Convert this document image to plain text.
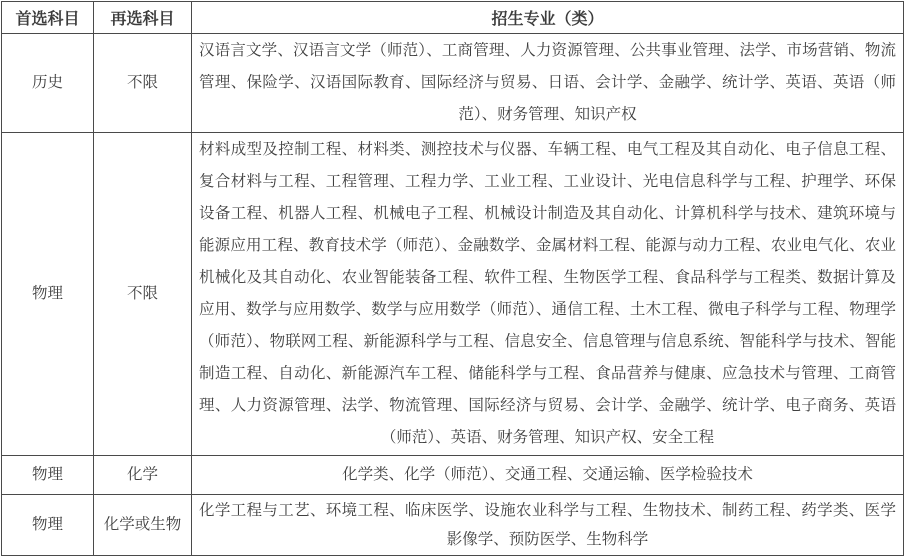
首选科目	再选科目	招生专业（类）
历史	不限	汉语言文学、汉语言文学（师范）、工商管理、人力资源管理、公共事业管理、法学、市场营销、物流管理、保险学、汉语国际教育、国际经济与贸易、日语、会计学、金融学、统计学、英语、英语（师范）、财务管理、知识产权
物理	不限	材料成型及控制工程、材料类、测控技术与仪器、车辆工程、电气工程及其自动化、电子信息工程、复合材料与工程、工程管理、工程力学、工业工程、工业设计、光电信息科学与工程、护理学、环保设备工程、机器人工程、机械电子工程、机械设计制造及其自动化、计算机科学与技术、建筑环境与能源应用工程、教育技术学（师范）、金融数学、金属材料工程、能源与动力工程、农业电气化、农业机械化及其自动化、农业智能装备工程、软件工程、生物医学工程、食品科学与工程类、数据计算及应用、数学与应用数学、数学与应用数学（师范）、通信工程、土木工程、微电子科学与工程、物理学（师范）、物联网工程、新能源科学与工程、信息安全、信息管理与信息系统、智能科学与技术、智能制造工程、自动化、新能源汽车工程、储能科学与工程、食品营养与健康、应急技术与管理、工商管理、人力资源管理、法学、物流管理、国际经济与贸易、会计学、金融学、统计学、电子商务、英语（师范）、英语、财务管理、知识产权、安全工程
物理	化学	化学类、化学（师范）、交通工程、交通运输、医学检验技术
物理	化学或生物	化学工程与工艺、环境工程、临床医学、设施农业科学与工程、生物技术、制药工程、药学类、医学影像学、预防医学、生物科学
